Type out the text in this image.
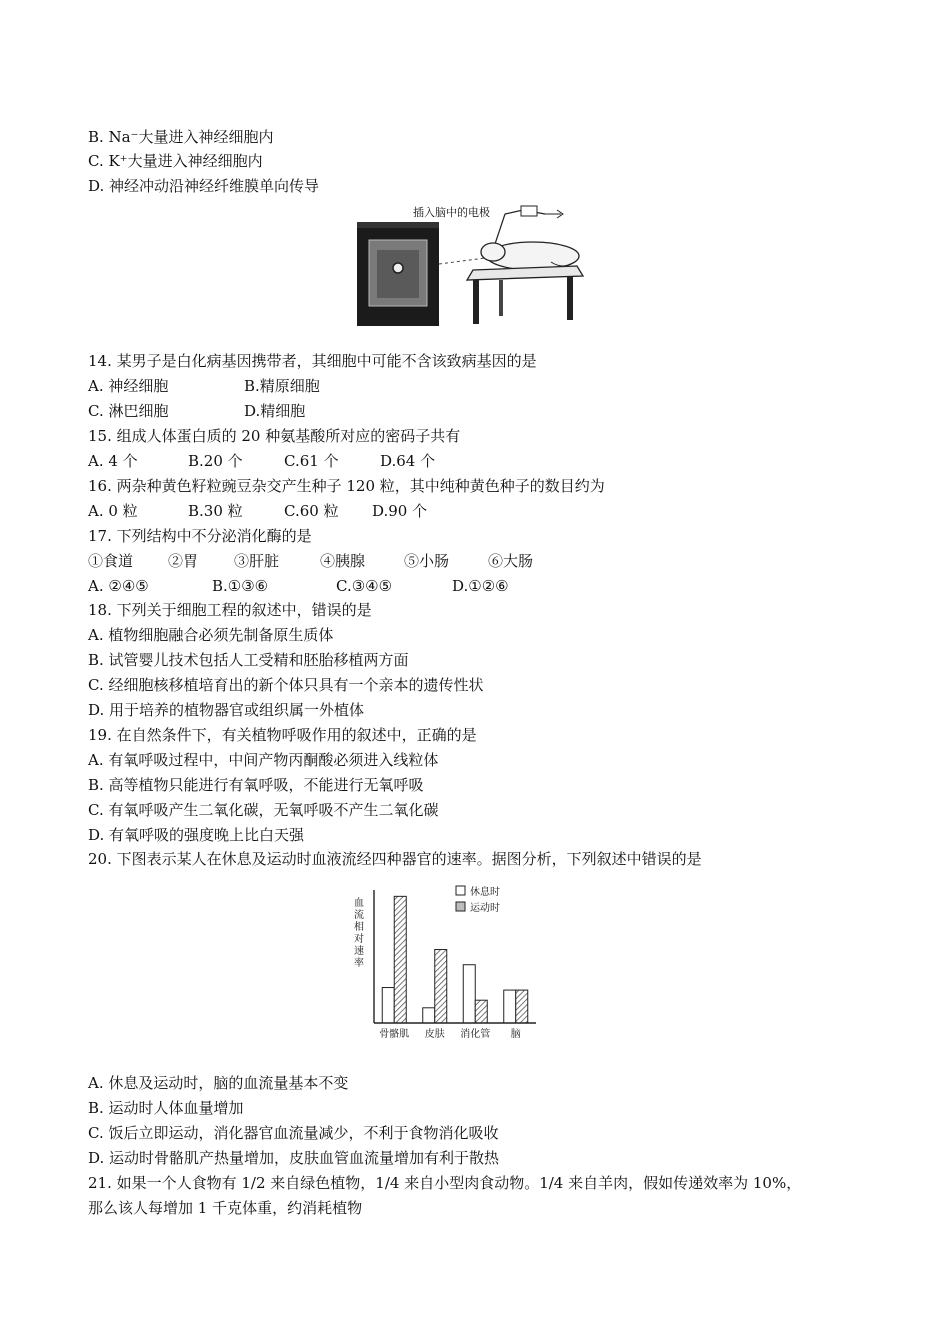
B. Na⁻大量进入神经细胞内
C. K⁺大量进入神经细胞内
D. 神经冲动沿神经纤维膜单向传导
插入脑中的电极
14. 某男子是白化病基因携带者，其细胞中可能不含该致病基因的是
A. 神经细胞	B.精原细胞
C. 淋巴细胞	D.精细胞
15. 组成人体蛋白质的 20 种氨基酸所对应的密码子共有
A. 4 个	B.20 个	C.61 个	D.64 个
16. 两杂种黄色籽粒豌豆杂交产生种子 120 粒，其中纯种黄色种子的数目约为
A. 0 粒	B.30 粒	C.60 粒 D.90 个
17. 下列结构中不分泌消化酶的是
①食道 ②胃 ③肝脏	④胰腺	⑤小肠	⑥大肠
A. ②④⑤	B.①③⑥	C.③④⑤	D.①②⑥
18. 下列关于细胞工程的叙述中，错误的是
A. 植物细胞融合必须先制备原生质体
B. 试管婴儿技术包括人工受精和胚胎移植两方面
C. 经细胞核移植培育出的新个体只具有一个亲本的遗传性状
D. 用于培养的植物器官或组织属一外植体
19. 在自然条件下，有关植物呼吸作用的叙述中，正确的是
A. 有氧呼吸过程中，中间产物丙酮酸必须进入线粒体
B. 高等植物只能进行有氧呼吸，不能进行无氧呼吸
C. 有氧呼吸产生二氧化碳，无氧呼吸不产生二氧化碳
D. 有氧呼吸的强度晚上比白天强
20. 下图表示某人在休息及运动时血液流经四种器官的速率。据图分析，下列叙述中错误的是
血流相对速率
休息时
运动时
骨骼肌 皮肤 消化管 脑
A. 休息及运动时，脑的血流量基本不变
B. 运动时人体血量增加
C. 饭后立即运动，消化器官血流量减少，不利于食物消化吸收
D. 运动时骨骼肌产热量增加，皮肤血管血流量增加有利于散热
21. 如果一个人食物有 1/2 来自绿色植物，1/4 来自小型肉食动物。1/4 来自羊肉，假如传递效率为 10%，
那么该人每增加 1 千克体重，约消耗植物
